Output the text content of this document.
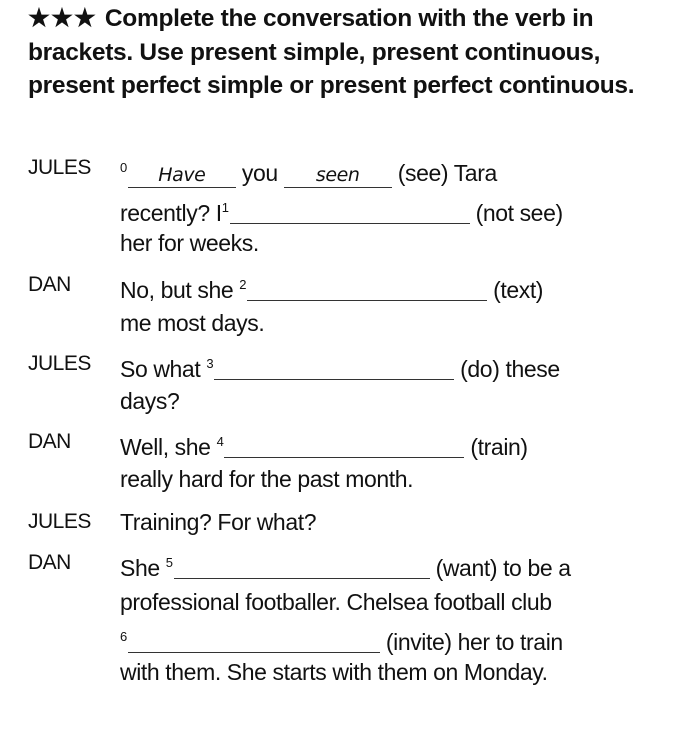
★★★ Complete the conversation with the verb in brackets. Use present simple, present continuous, present perfect simple or present perfect continuous.
JULES $^0$ Have you seen (see) Tara
recently? $I^1$	(not see)
her for weeks.
DAN No, but she $^2$	(text)
me most days.
JULES So what $^3$	(do) these
days?
DAN Well, she $^4$	(train)
really hard for the past month.
JULES Training? For what?
DAN She $^5$	(want) to be a
professional footballer. Chelsea football club
$^6$	(invite) her to train
with them. She starts with them on Monday.
